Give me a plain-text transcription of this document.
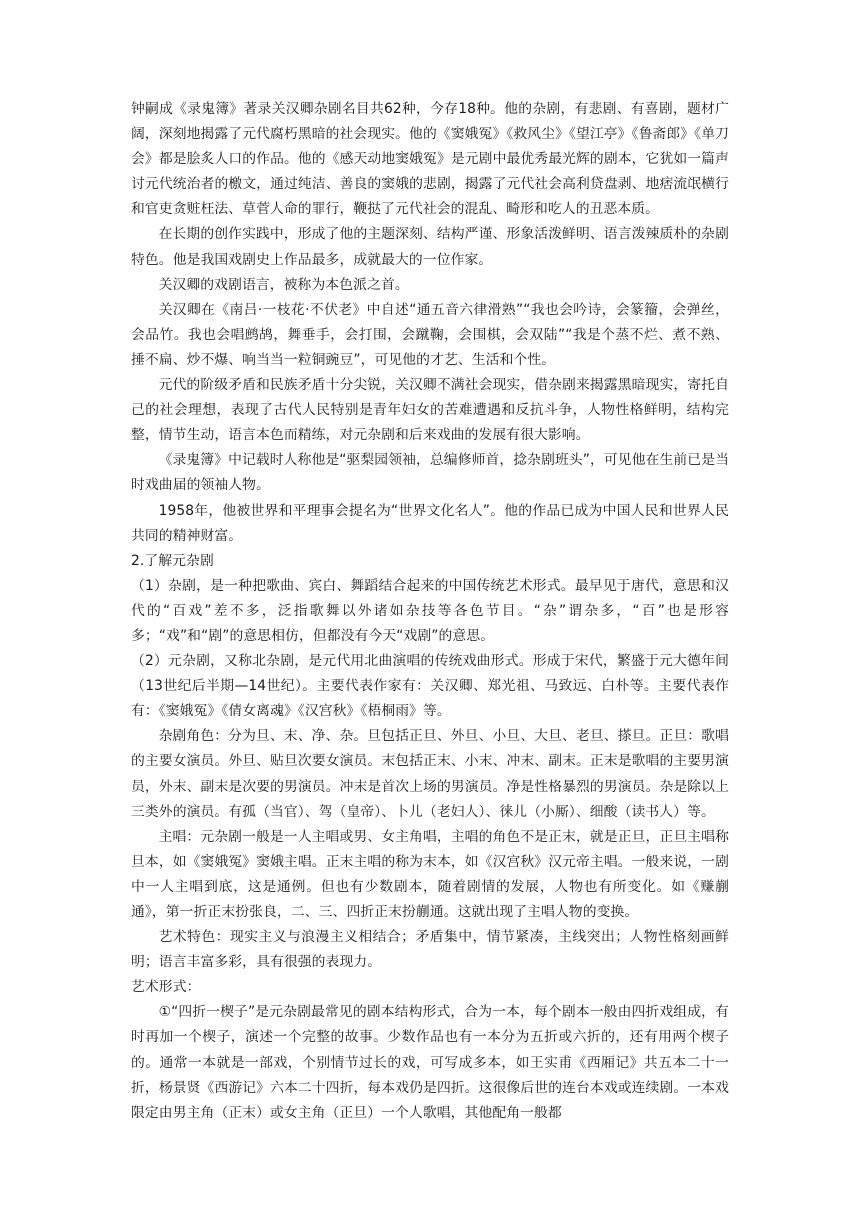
钟嗣成《录鬼簿》著录关汉卿杂剧名目共62种，今存18种。他的杂剧，有悲剧、有喜剧，题材广阔，深刻地揭露了元代腐朽黑暗的社会现实。他的《窦娥冤》《救风尘》《望江亭》《鲁斋郎》《单刀会》都是脍炙人口的作品。他的《感天动地窦娥冤》是元剧中最优秀最光辉的剧本，它犹如一篇声讨元代统治者的檄文，通过纯洁、善良的窦娥的悲剧，揭露了元代社会高利贷盘剥、地痞流氓横行和官吏贪赃枉法、草菅人命的罪行，鞭挞了元代社会的混乱、畸形和吃人的丑恶本质。

在长期的创作实践中，形成了他的主题深刻、结构严谨、形象活泼鲜明、语言泼辣质朴的杂剧特色。他是我国戏剧史上作品最多，成就最大的一位作家。

关汉卿的戏剧语言，被称为本色派之首。

关汉卿在《南吕·一枝花·不伏老》中自述“通五音六律滑熟”“我也会吟诗，会篆籀，会弹丝，会品竹。我也会唱鹧鸪，舞垂手，会打围，会蹴鞠，会围棋，会双陆”“我是个蒸不烂、煮不熟、捶不扁、炒不爆、响当当一粒铜豌豆”，可见他的才艺、生活和个性。

元代的阶级矛盾和民族矛盾十分尖锐，关汉卿不满社会现实，借杂剧来揭露黑暗现实，寄托自己的社会理想，表现了古代人民特别是青年妇女的苦难遭遇和反抗斗争，人物性格鲜明，结构完整，情节生动，语言本色而精练，对元杂剧和后来戏曲的发展有很大影响。

《录鬼簿》中记载时人称他是“驱梨园领袖，总编修师首，捻杂剧班头”，可见他在生前已是当时戏曲届的领袖人物。

1958年，他被世界和平理事会提名为“世界文化名人”。他的作品已成为中国人民和世界人民共同的精神财富。

2.了解元杂剧

（1）杂剧，是一种把歌曲、宾白、舞蹈结合起来的中国传统艺术形式。最早见于唐代，意思和汉代的“百戏”差不多，泛指歌舞以外诸如杂技等各色节目。“杂”谓杂多，“百”也是形容多；“戏”和“剧”的意思相仿，但都没有今天“戏剧”的意思。

（2）元杂剧，又称北杂剧，是元代用北曲演唱的传统戏曲形式。形成于宋代，繁盛于元大德年间（13世纪后半期—14世纪）。主要代表作家有：关汉卿、郑光祖、马致远、白朴等。主要代表作有：《窦娥冤》《倩女离魂》《汉宫秋》《梧桐雨》等。

杂剧角色：分为旦、末、净、杂。旦包括正旦、外旦、小旦、大旦、老旦、搽旦。正旦：歌唱的主要女演员。外旦、贴旦次要女演员。末包括正末、小末、冲末、副末。正末是歌唱的主要男演员，外末、副末是次要的男演员。冲末是首次上场的男演员。净是性格暴烈的男演员。杂是除以上三类外的演员。有孤（当官）、驾（皇帝）、卜儿（老妇人）、徕儿（小厮）、细酸（读书人）等。

主唱：元杂剧一般是一人主唱或男、女主角唱，主唱的角色不是正末，就是正旦，正旦主唱称旦本，如《窦娥冤》窦娥主唱。正末主唱的称为末本，如《汉宫秋》汉元帝主唱。一般来说，一剧中一人主唱到底，这是通例。但也有少数剧本，随着剧情的发展，人物也有所变化。如《赚蒯通》，第一折正末扮张良，二、三、四折正末扮蒯通。这就出现了主唱人物的变换。

艺术特色：现实主义与浪漫主义相结合；矛盾集中，情节紧凑，主线突出；人物性格刻画鲜明；语言丰富多彩，具有很强的表现力。

艺术形式：

①“四折一楔子”是元杂剧最常见的剧本结构形式，合为一本，每个剧本一般由四折戏组成，有时再加一个楔子，演述一个完整的故事。少数作品也有一本分为五折或六折的，还有用两个楔子的。通常一本就是一部戏，个别情节过长的戏，可写成多本，如王实甫《西厢记》共五本二十一折，杨景贤《西游记》六本二十四折，每本戏仍是四折。这很像后世的连台本戏或连续剧。一本戏限定由男主角（正末）或女主角（正旦）一个人歌唱，其他配角一般都
